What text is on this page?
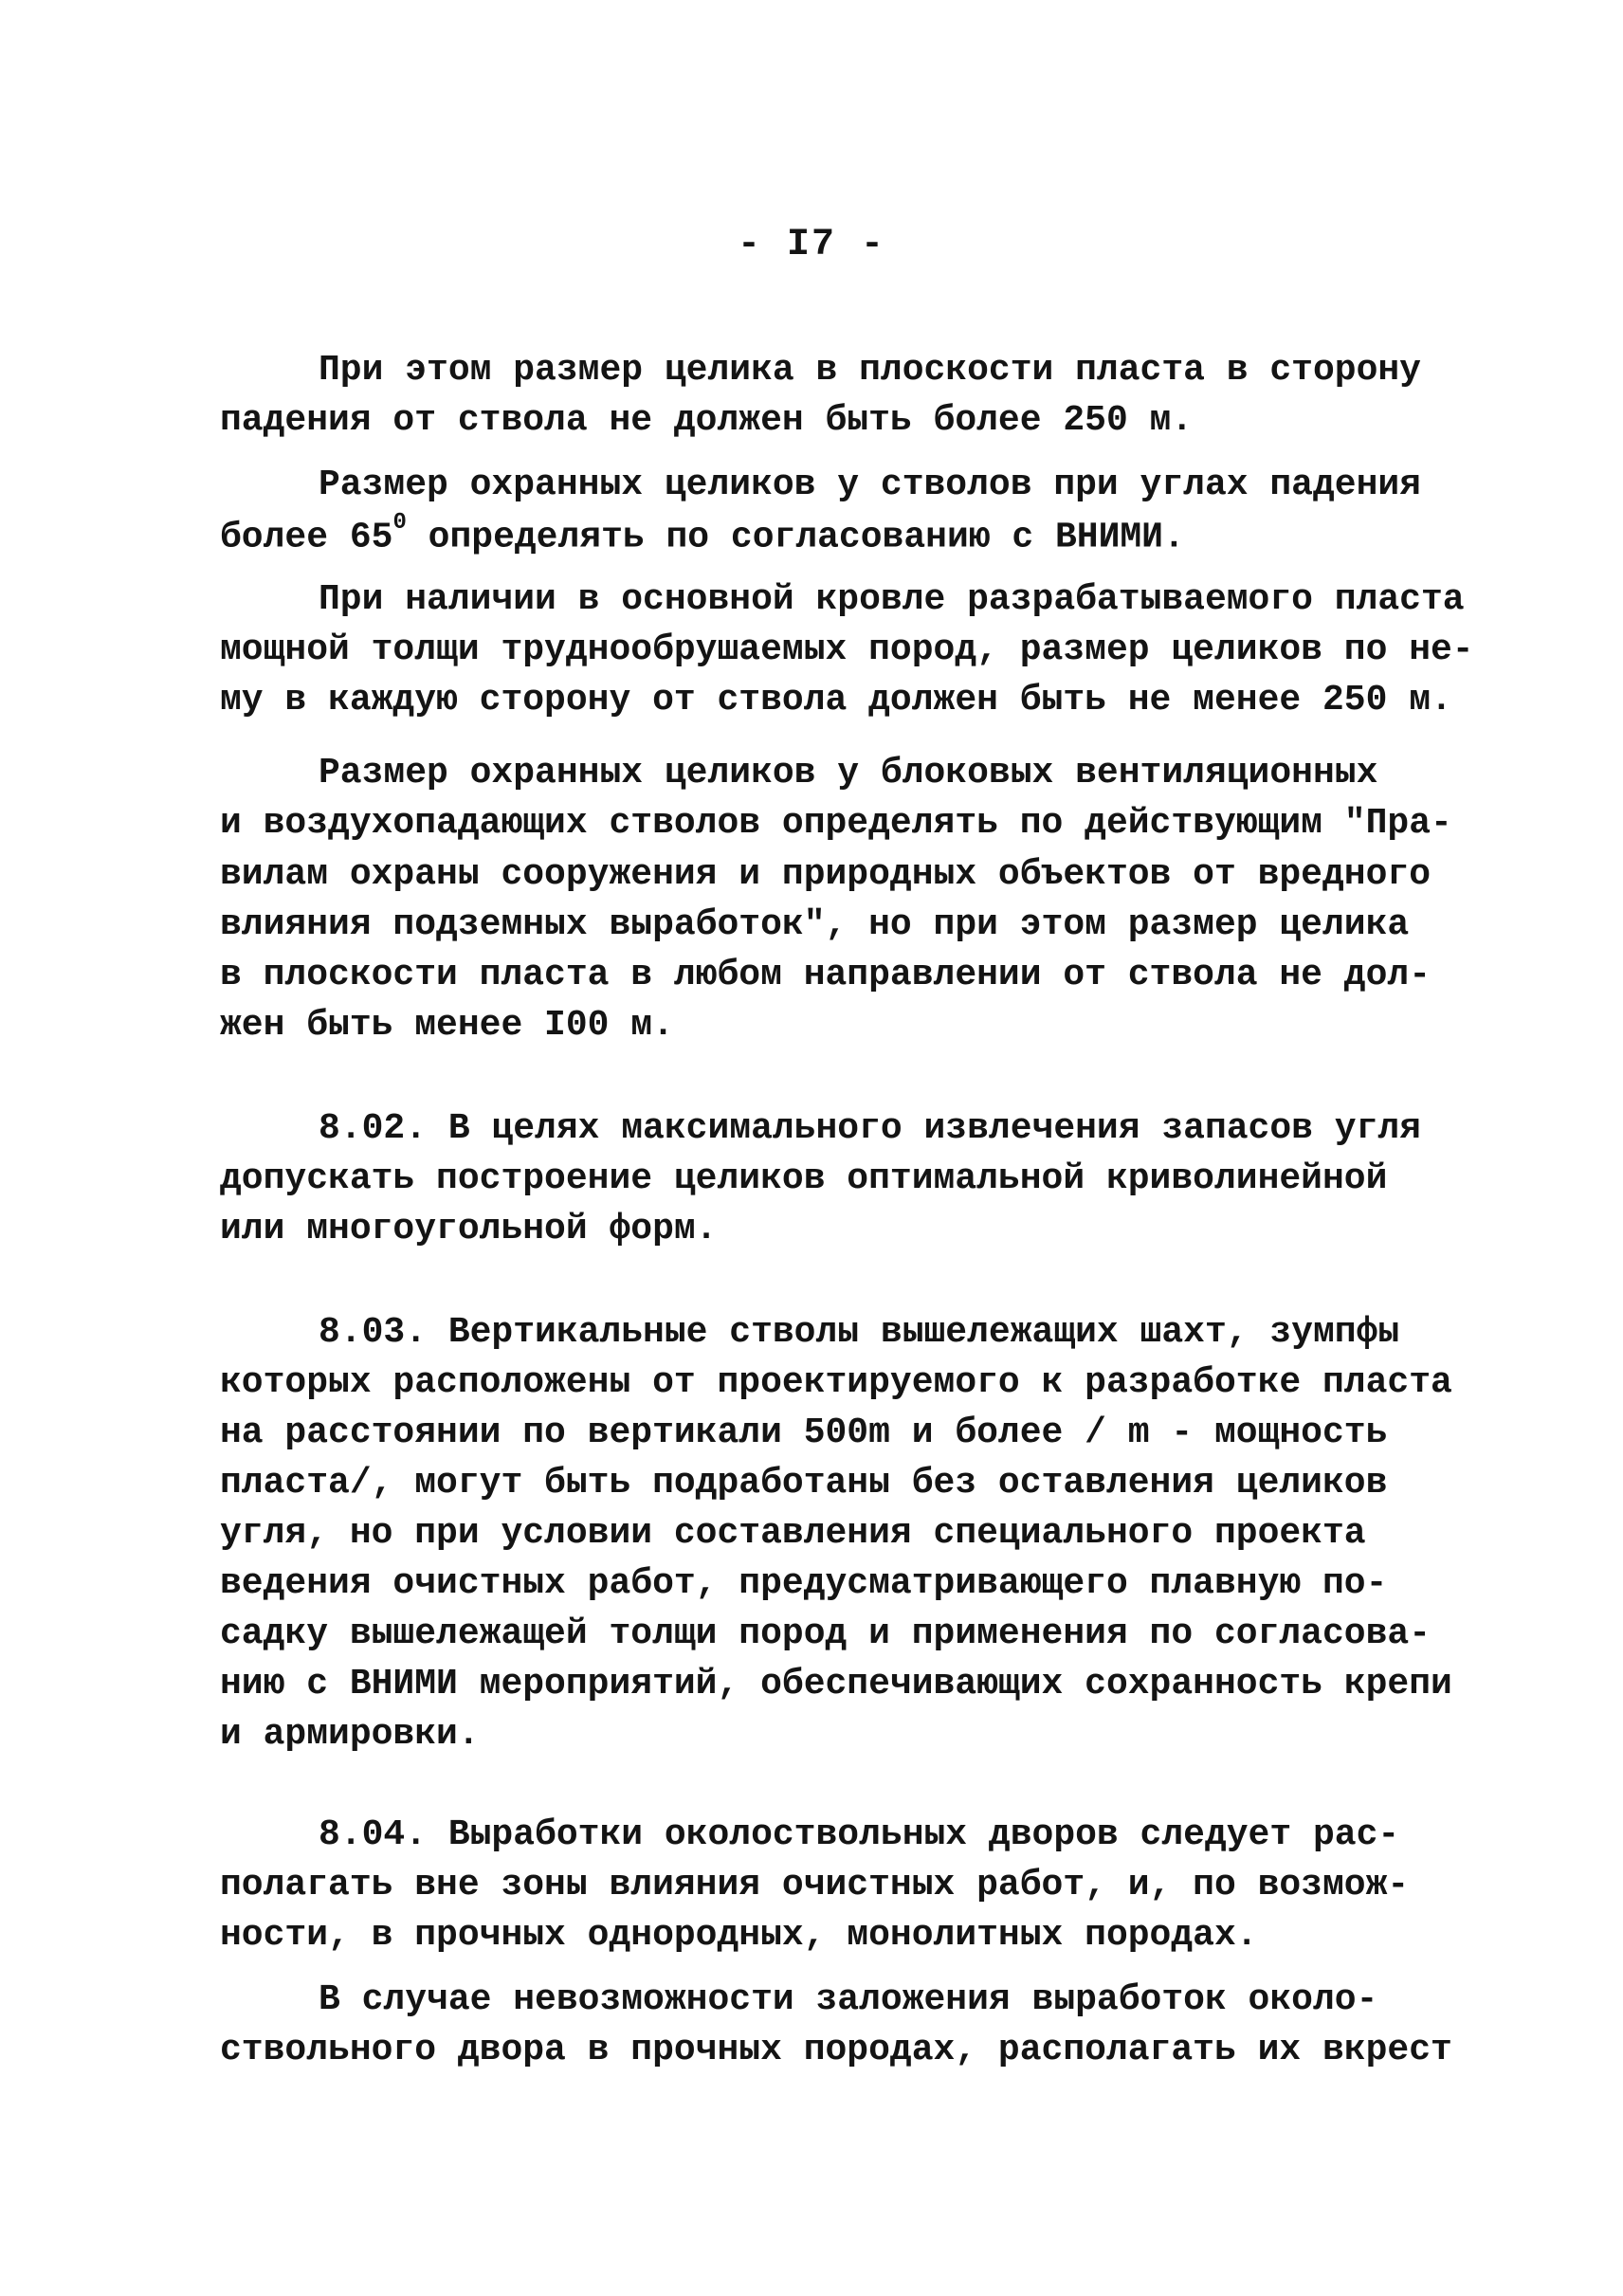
- I7 -
При этом размер целика в плоскости пласта в сторону
падения от ствола не должен быть более 250 м.
Размер охранных целиков у стволов при углах падения
более $65^0$ определять по согласованию с ВНИМИ.
При наличии в основной кровле разрабатываемого пласта
мощной толщи труднообрушаемых пород, размер целиков по не-
му в каждую сторону от ствола должен быть не менее 250 м.
Размер охранных целиков у блоковых вентиляционных
и воздухопадающих стволов определять по действующим "Пра-
вилам охраны сооружения и природных объектов от вредного
влияния подземных выработок", но при этом размер целика
в плоскости пласта в любом направлении от ствола не дол-
жен быть менее I00 м.
8.02. В целях максимального извлечения запасов угля
допускать построение целиков оптимальной криволинейной
или многоугольной форм.
8.03. Вертикальные стволы вышележащих шахт, зумпфы
которых расположены от проектируемого к разработке пласта
на расстоянии по вертикали 500m и более / m - мощность
пласта/, могут быть подработаны без оставления целиков
угля, но при условии составления специального проекта
ведения очистных работ, предусматривающего плавную по-
садку вышележащей толщи пород и применения по согласова-
нию с ВНИМИ мероприятий, обеспечивающих сохранность крепи
и армировки.
8.04. Выработки околоствольных дворов следует рас-
полагать вне зоны влияния очистных работ, и, по возмож-
ности, в прочных однородных, монолитных породах.
В случае невозможности заложения выработок околo-
ствольного двора в прочных породах, располагать их вкрест
